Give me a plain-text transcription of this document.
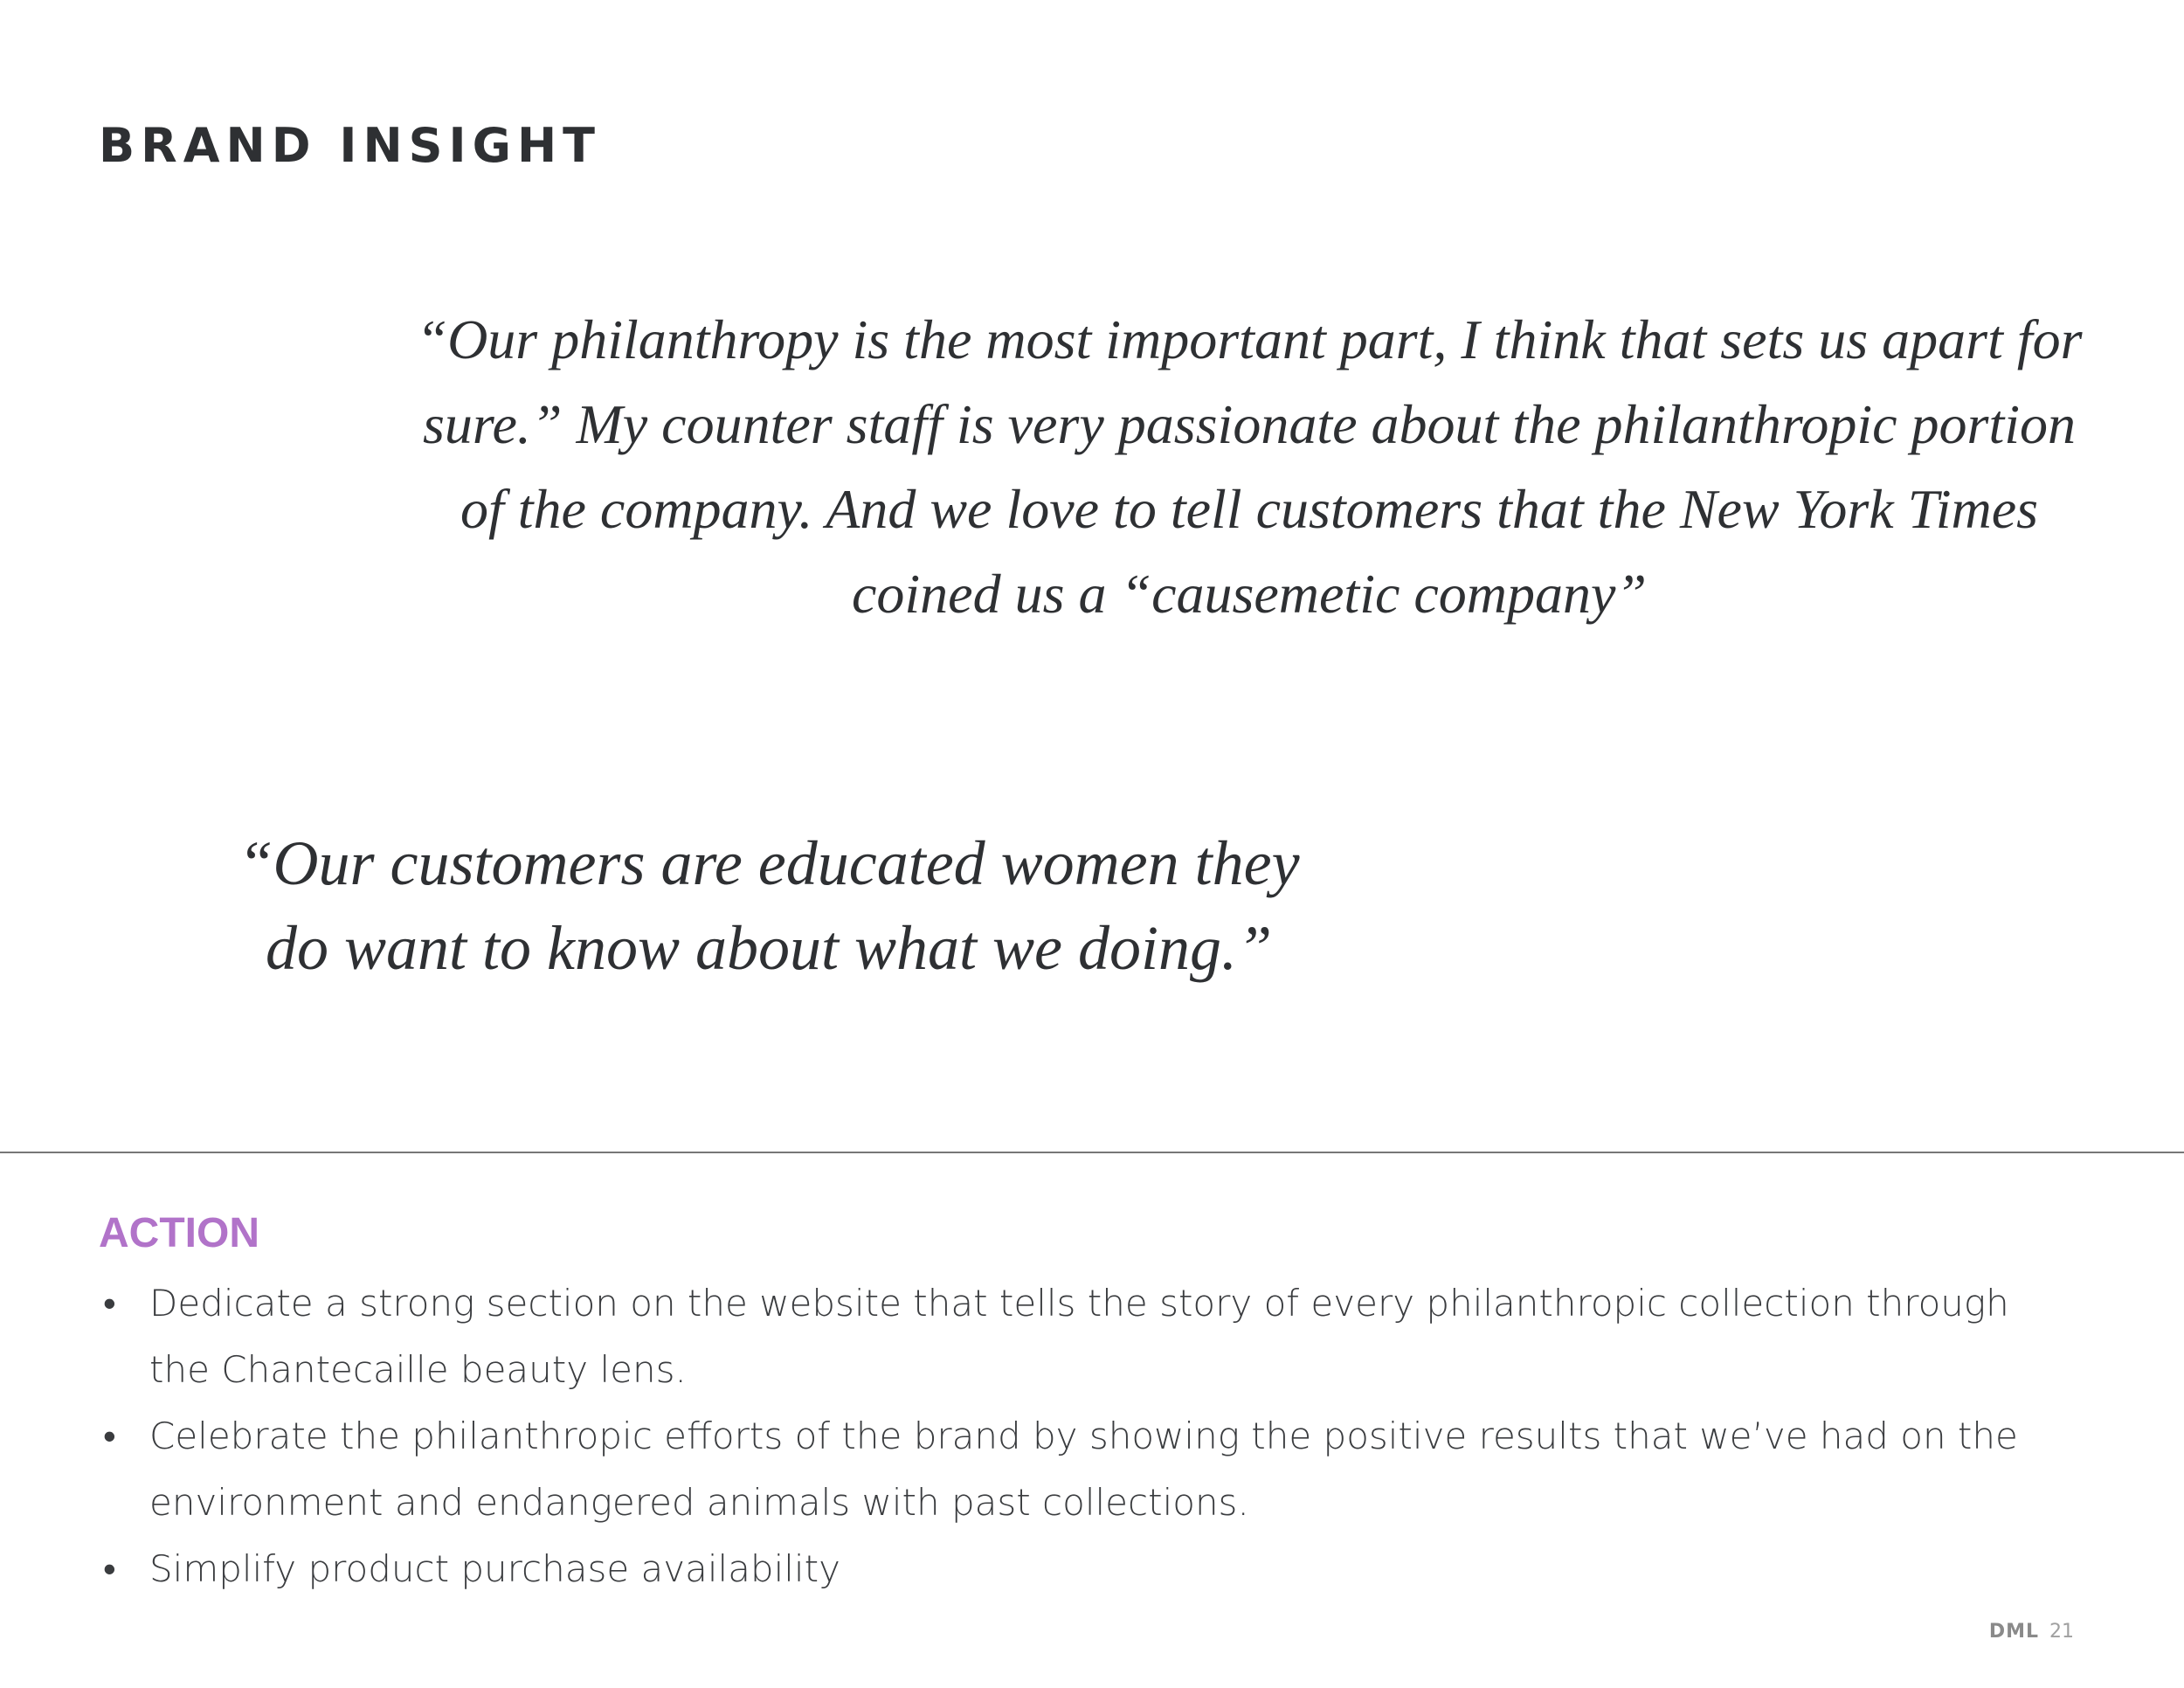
BRAND INSIGHT

“Our philanthropy is the most important part, I think that sets us apart for sure.” My counter staff is very passionate about the philanthropic portion of the company. And we love to tell customers that the New York Times coined us a “causemetic company”

“Our customers are educated women they do want to know about what we doing.”

ACTION
• Dedicate a strong section on the website that tells the story of every philanthropic collection through the Chantecaille beauty lens.
• Celebrate the philanthropic efforts of the brand by showing the positive results that we’ve had on the environment and endangered animals with past collections.
• Simplify product purchase availability
DML 21
